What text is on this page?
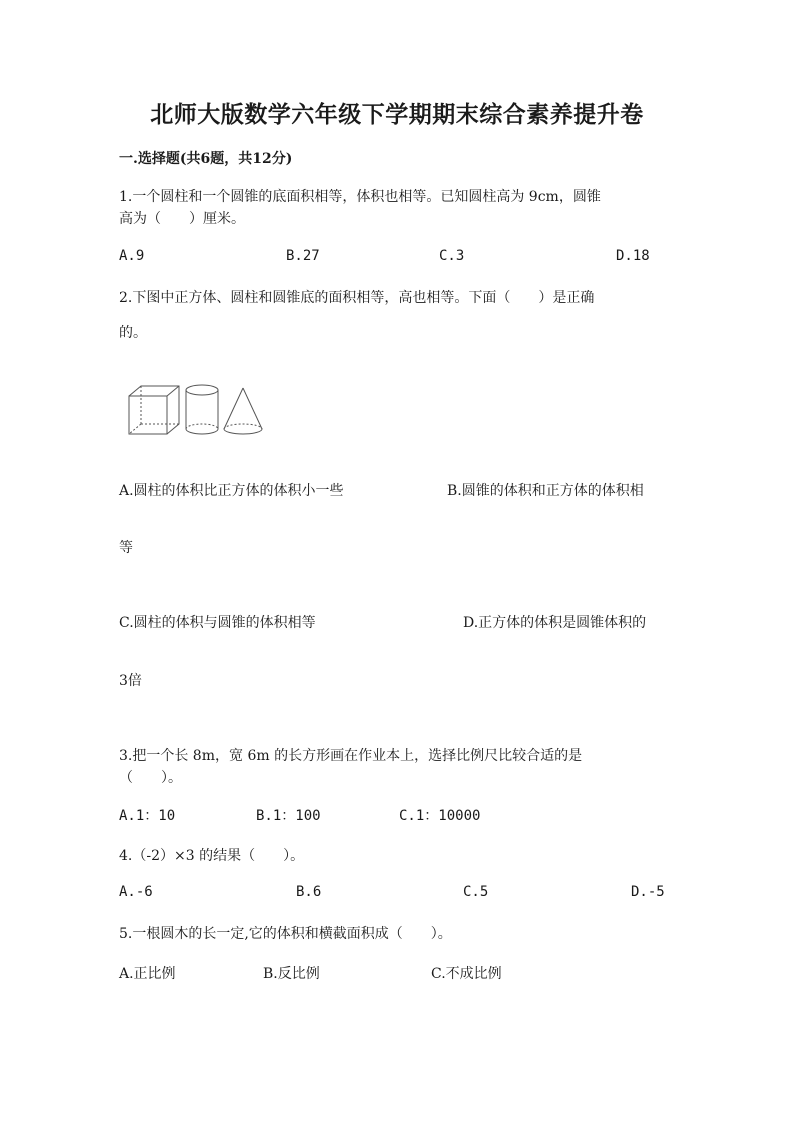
北师大版数学六年级下学期期末综合素养提升卷
一.选择题(共6题，共12分)
1.一个圆柱和一个圆锥的底面积相等，体积也相等。已知圆柱高为 9cm，圆锥
高为（　　）厘米。
A.9	B.27	C.3	D.18
2.下图中正方体、圆柱和圆锥底的面积相等，高也相等。下面（　　）是正确
的。
A.圆柱的体积比正方体的体积小一些	B.圆锥的体积和正方体的体积相
等
C.圆柱的体积与圆锥的体积相等	D.正方体的体积是圆锥体积的
3倍
3.把一个长 8m，宽 6m 的长方形画在作业本上，选择比例尺比较合适的是
（　　）。
A.1：10	B.1：100	C.1：10000
4.（-2）×3 的结果（　　）。
A.-6	B.6	C.5	D.-5
5.一根圆木的长一定,它的体积和横截面积成（　　）。
A.正比例	B.反比例	C.不成比例
